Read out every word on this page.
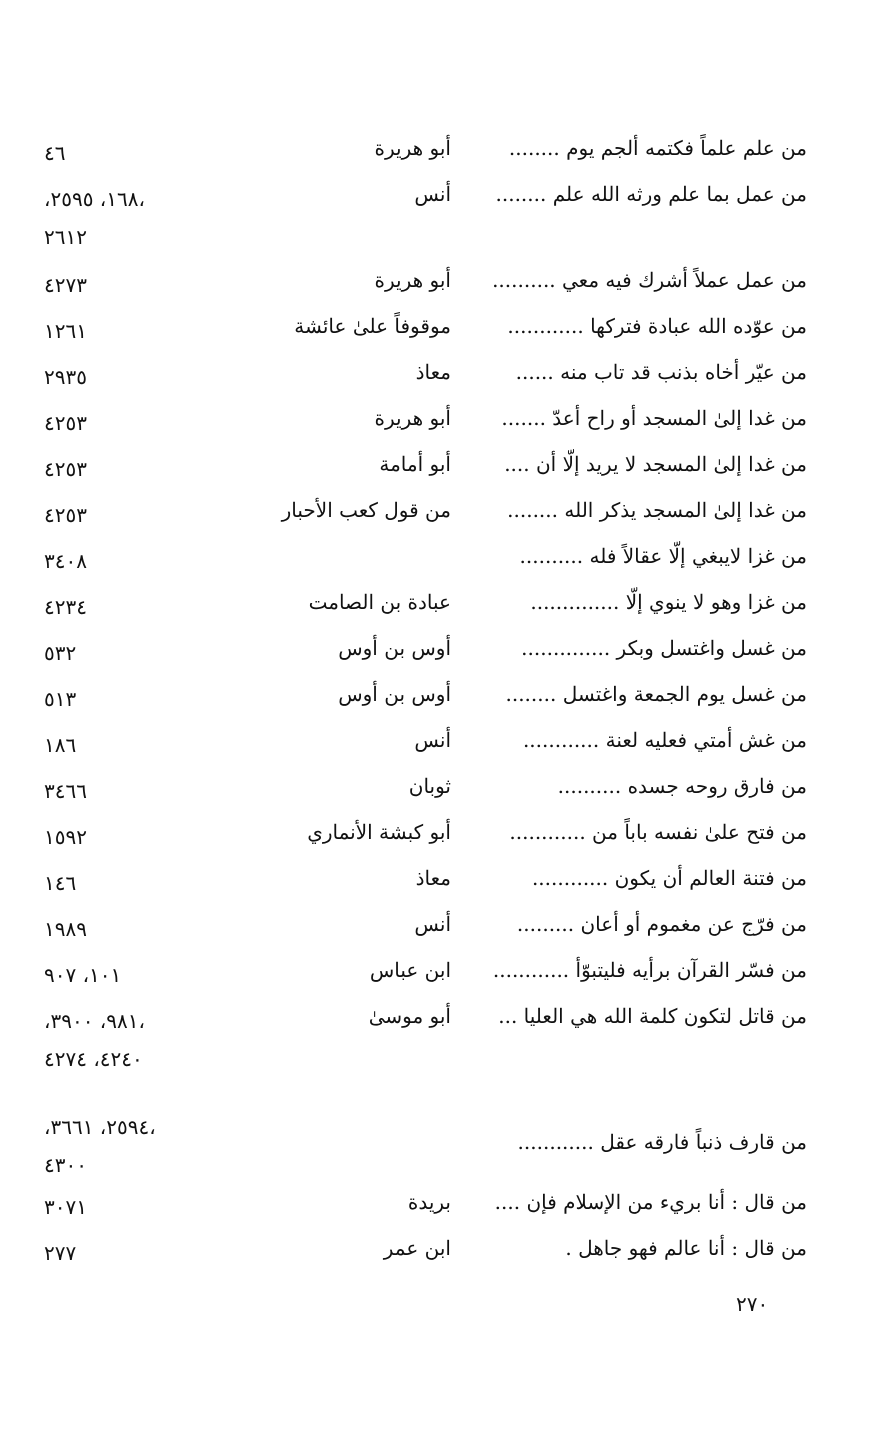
من علم علماً فكتمه ألجم يوم ........
أبو هريرة
٤٦
من عمل بما علم ورثه الله علم ........
أنس
،١٦٨، ٢٥٩٥، ٢٦١٢
من عمل عملاً أشرك فيه معي ..........
أبو هريرة
٤٢٧٣
من عوّده الله عبادة فتركها ............
موقوفاً علىٰ عائشة
١٢٦١
من عيّر أخاه بذنب قد تاب منه ......
معاذ
٢٩٣٥
من غدا إلىٰ المسجد أو راح أعدّ .......
أبو هريرة
٤٢٥٣
من غدا إلىٰ المسجد لا يريد إلّا أن ....
أبو أمامة
٤٢٥٣
من غدا إلىٰ المسجد يذكر الله ........
من قول كعب الأحبار
٤٢٥٣
من غزا لايبغي إلّا عقالاً فله ..........
٣٤٠٨
من غزا وهو لا ينوي إلّا ..............
عبادة بن الصامت
٤٢٣٤
من غسل واغتسل وبكر ..............
أوس بن أوس
٥٣٢
من غسل يوم الجمعة واغتسل ........
أوس بن أوس
٥١٣
من غش أمتي فعليه لعنة ............
أنس
١٨٦
من فارق روحه جسده ..........
ثوبان
٣٤٦٦
من فتح علىٰ نفسه باباً من ............
أبو كبشة الأنماري
١٥٩٢
من فتنة العالم أن يكون ............
معاذ
١٤٦
من فرّج عن مغموم أو أعان .........
أنس
١٩٨٩
من فسّر القرآن برأيه فليتبوّأ ............
ابن عباس
١٠١، ٩٠٧
من قاتل لتكون كلمة الله هي العليا ...
أبو موسىٰ
،٩٨١، ٣٩٠٠، ٤٢٤٠، ٤٢٧٤
من قارف ذنباً فارقه عقل ............
،٢٥٩٤، ٣٦٦١، ٤٣٠٠
من قال : أنا بريء من الإسلام فإن ....
بريدة
٣٠٧١
من قال : أنا عالم فهو جاهل .
ابن عمر
٢٧٧
٢٧٠
